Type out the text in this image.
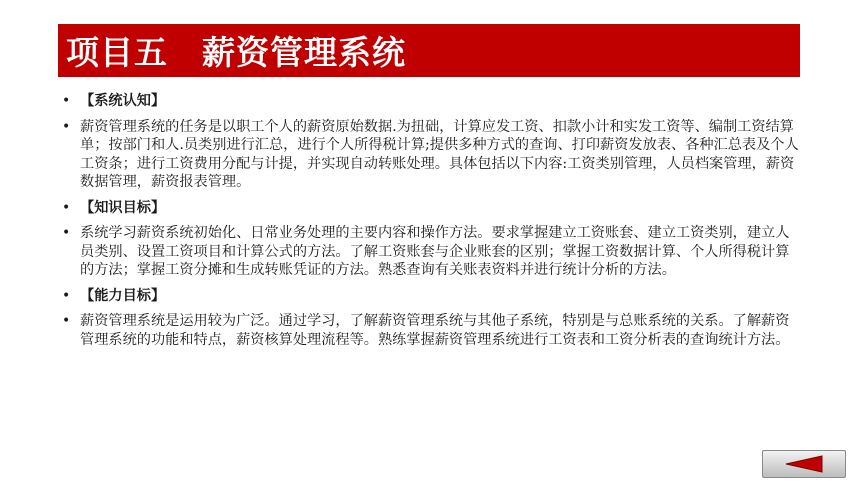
项目五　薪资管理系统
• 【系统认知】
• 薪资管理系统的任务是以职工个人的薪资原始数据.为扭础，计算应发工资、扣款小计和实发工资等、编制工资结算单；按部门和人.员类别进行汇总，进行个人所得税计算;提供多种方式的查询、打印薪资发放表、各种汇总表及个人工资条；进行工资费用分配与计提，并实现自动转账处理。具体包括以下内容:工资类别管理，人员档案管理，薪资数据管理，薪资报表管理。
• 【知识目标】
• 系统学习薪资系统初始化、日常业务处理的主要内容和操作方法。要求掌握建立工资账套、建立工资类别，建立人员类别、设置工资项目和计算公式的方法。了解工资账套与企业账套的区别；掌握工资数据计算、个人所得税计算的方法；掌握工资分摊和生成转账凭证的方法。熟悉查询有关账表资料并进行统计分析的方法。
• 【能力目标】
• 薪资管理系统是运用较为广泛。通过学习，了解薪资管理系统与其他子系统，特别是与总账系统的关系。了解薪资管理系统的功能和特点，薪资核算处理流程等。熟练掌握薪资管理系统进行工资表和工资分析表的查询统计方法。
